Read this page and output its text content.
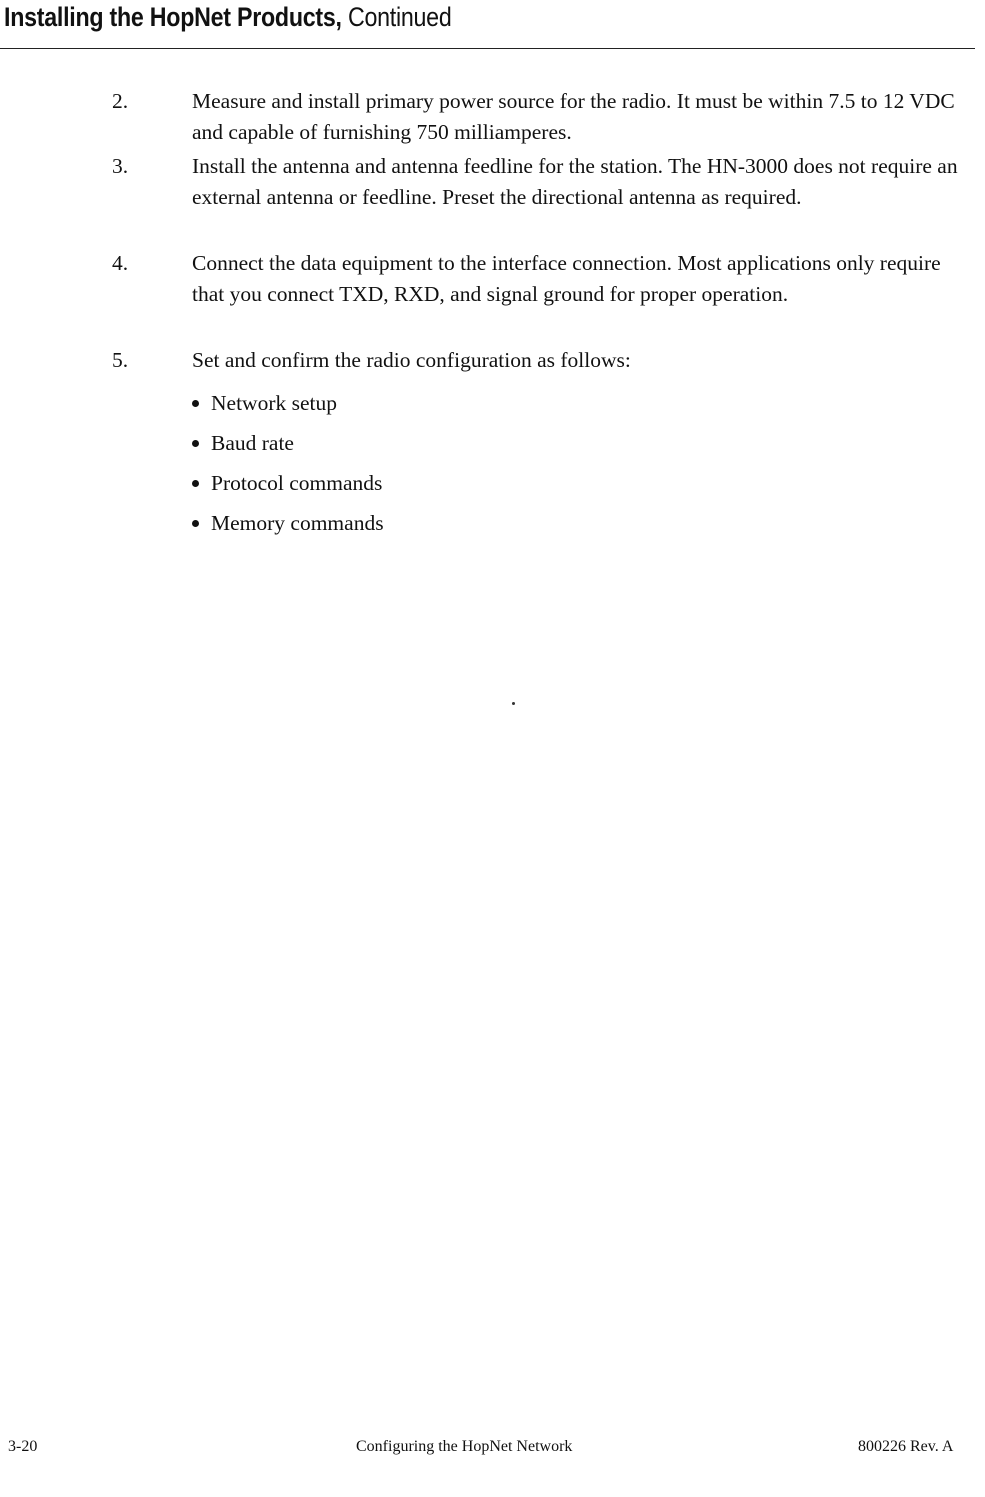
Installing the HopNet Products, Continued
2.	Measure and install primary power source for the radio. It must be within 7.5 to 12 VDC and capable of furnishing 750 milliamperes.
3.	Install the antenna and antenna feedline for the station. The HN-3000 does not require an external antenna or feedline. Preset the directional antenna as required.
4.	Connect the data equipment to the interface connection. Most applications only require that you connect TXD, RXD, and signal ground for proper operation.
5.	Set and confirm the radio configuration as follows:
Network setup
Baud rate
Protocol commands
Memory commands
3-20	Configuring the HopNet Network	800226 Rev. A
